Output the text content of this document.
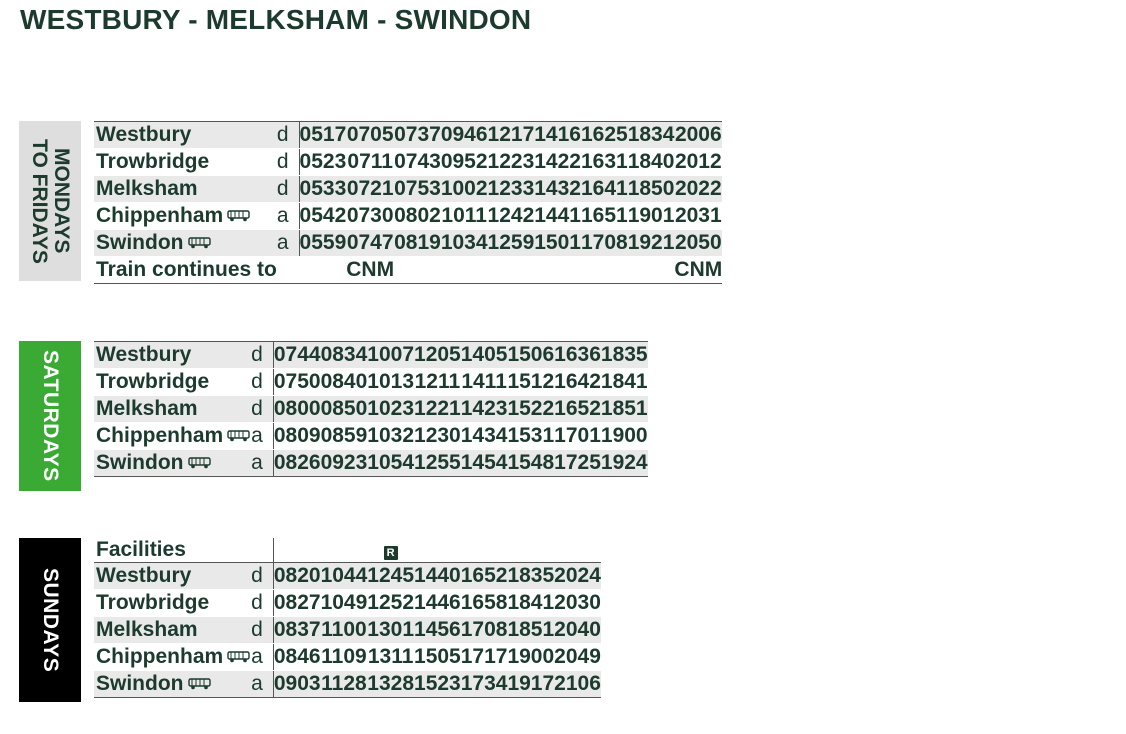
WESTBURY - MELKSHAM - SWINDON
MONDAYS
TO FRIDAYS
Westbury	d	0517	0705	0737	0946	1217	1416	1625	1834	2006
Trowbridge	d	0523	0711	0743	0952	1223	1422	1631	1840	2012
Melksham	d	0533	0721	0753	1002	1233	1432	1641	1850	2022
Chippenham	a	0542	0730	0802	1011	1242	1441	1651	1901	2031
Swindon	a	0559	0747	0819	1034	1259	1501	1708	1921	2050
Train continues to			CNM							CNM
SATURDAYS Westbury	d	0744	0834	1007	1205	1405	1506	1636	1835
Trowbridge	d	0750	0840	1013	1211	1411	1512	1642	1841
Melksham	d	0800	0850	1023	1221	1423	1522	1652	1851
Chippenham	a	0809	0859	1032	1230	1434	1531	1701	1900
Swindon	a	0826	0923	1054	1255	1454	1548	1725	1924
SUNDAYS
Facilities				R				
Westbury	d	0820	1044	1245	1440	1652	1835	2024
Trowbridge	d	0827	1049	1252	1446	1658	1841	2030
Melksham	d	0837	1100	1301	1456	1708	1851	2040
Chippenham	a	0846	1109	1311	1505	1717	1900	2049
Swindon	a	0903	1128	1328	1523	1734	1917	2106
